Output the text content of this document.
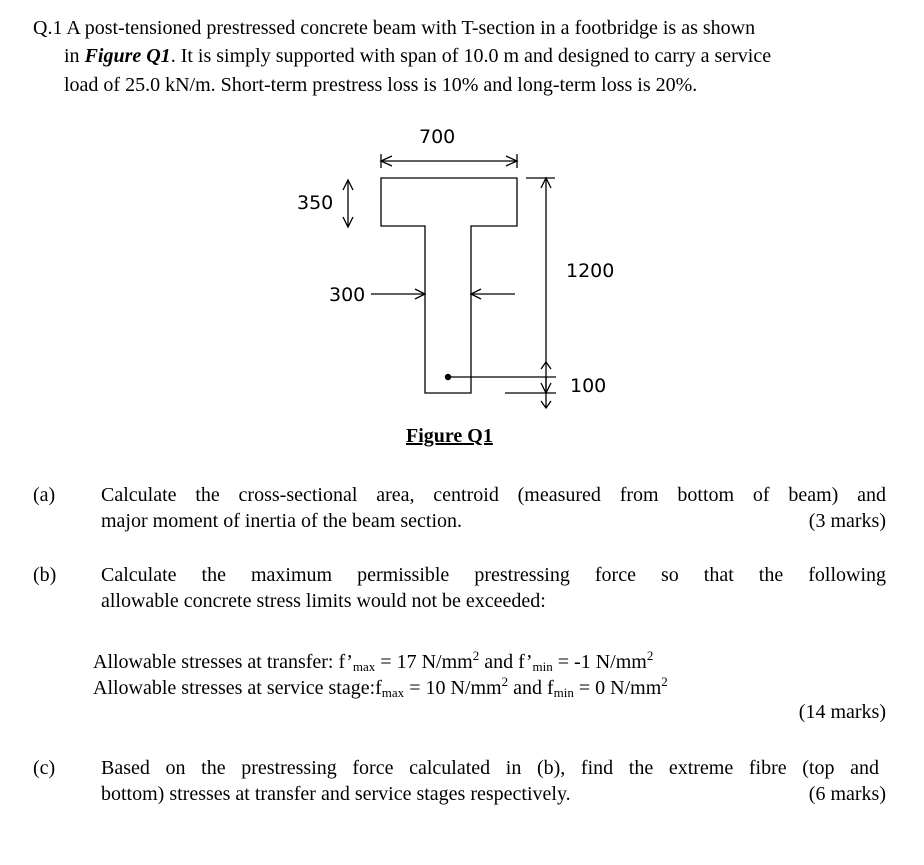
Q.1 A post-tensioned prestressed concrete beam with T-section in a footbridge is as shown
in Figure Q1. It is simply supported with span of 10.0 m and designed to carry a service
load of 25.0 kN/m. Short-term prestress loss is 10% and long-term loss is 20%.
700
350
300
1200
100
Figure Q1
(a) Calculate the cross-sectional area, centroid (measured from bottom of beam) and
major moment of inertia of the beam section.	(3 marks)
(b) Calculate the maximum permissible prestressing force so that the following
allowable concrete stress limits would not be exceeded:
Allowable stresses at transfer: $f’_{max} = 17$ $N/mm^2$ and $f’_{min} = -1$ $N/mm^2$
Allowable stresses at service $stage:f_{max} = 10$ $N/mm^2$ and $f_{min} = 0$ $N/mm^2$
(14 marks)
(c) Based on the prestressing force calculated in (b), find the extreme fibre (top and
bottom) stresses at transfer and service stages respectively.	(6 marks)
